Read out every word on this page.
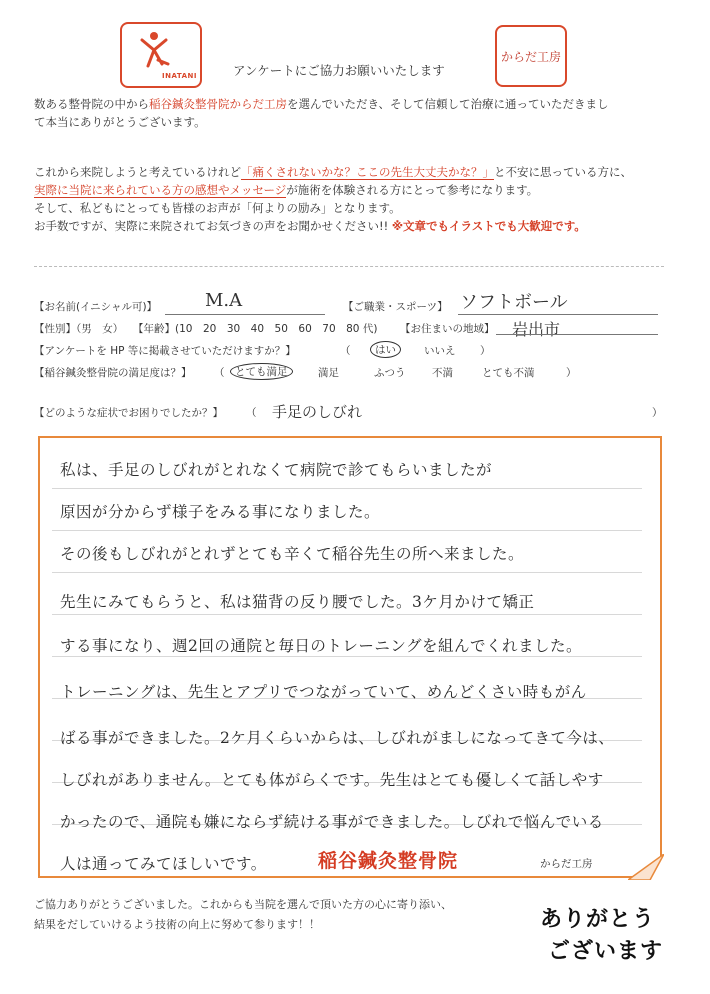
INATANI	アンケートにご協力お願いいたします
からだ工房
数ある整骨院の中から稲谷鍼灸整骨院からだ工房を選んでいただき、そして信頼して治療に通っていただきまし
て本当にありがとうございます。
これから来院しようと考えているけれど「痛くされないかな？ここの先生大丈夫かな？」と不安に思っている方に、
実際に当院に来られている方の感想やメッセージが施術を体験される方にとって参考になります。
そして、私どもにとっても皆様のお声が「何よりの励み」となります。
お手数ですが、実際に来院されてお気づきの声をお聞かせください!! ※文章でもイラストでも大歓迎です。
【お名前(イニシャル可)】	M.A	【ご職業・スポーツ】 ソフトボール
【性別】（男　女） 【年齢】(10　20　30　40　50　60　70　80 代) 【お住まいの地域】 岩出市
【アンケートを HP 等に掲載させていただけますか？】	（	はい	いいえ ）
【稲谷鍼灸整骨院の満足度は？】 （	とても満足	満足	ふつう	不満	とても不満	）
【どのような症状でお困りでしたか？】 （ 手足のしびれ	）
私は、手足のしびれがとれなくて病院で診てもらいましたが
原因が分からず様子をみる事になりました。
その後もしびれがとれずとても辛くて稲谷先生の所へ来ました。
先生にみてもらうと、私は猫背の反り腰でした。3ケ月かけて矯正
する事になり、週2回の通院と毎日のトレーニングを組んでくれました。
トレーニングは、先生とアプリでつながっていて、めんどくさい時もがん
ばる事ができました。2ケ月くらいからは、しびれがましになってきて今は、
しびれがありません。とても体がらくです。先生はとても優しくて話しやす
かったので、通院も嫌にならず続ける事ができました。しびれで悩んでいる
人は通ってみてほしいです。	稲谷鍼灸整骨院	からだ工房
ご協力ありがとうございました。これからも当院を選んで頂いた方の心に寄り添い、
結果をだしていけるよう技術の向上に努めて参ります！！	ありがとう
ございます
